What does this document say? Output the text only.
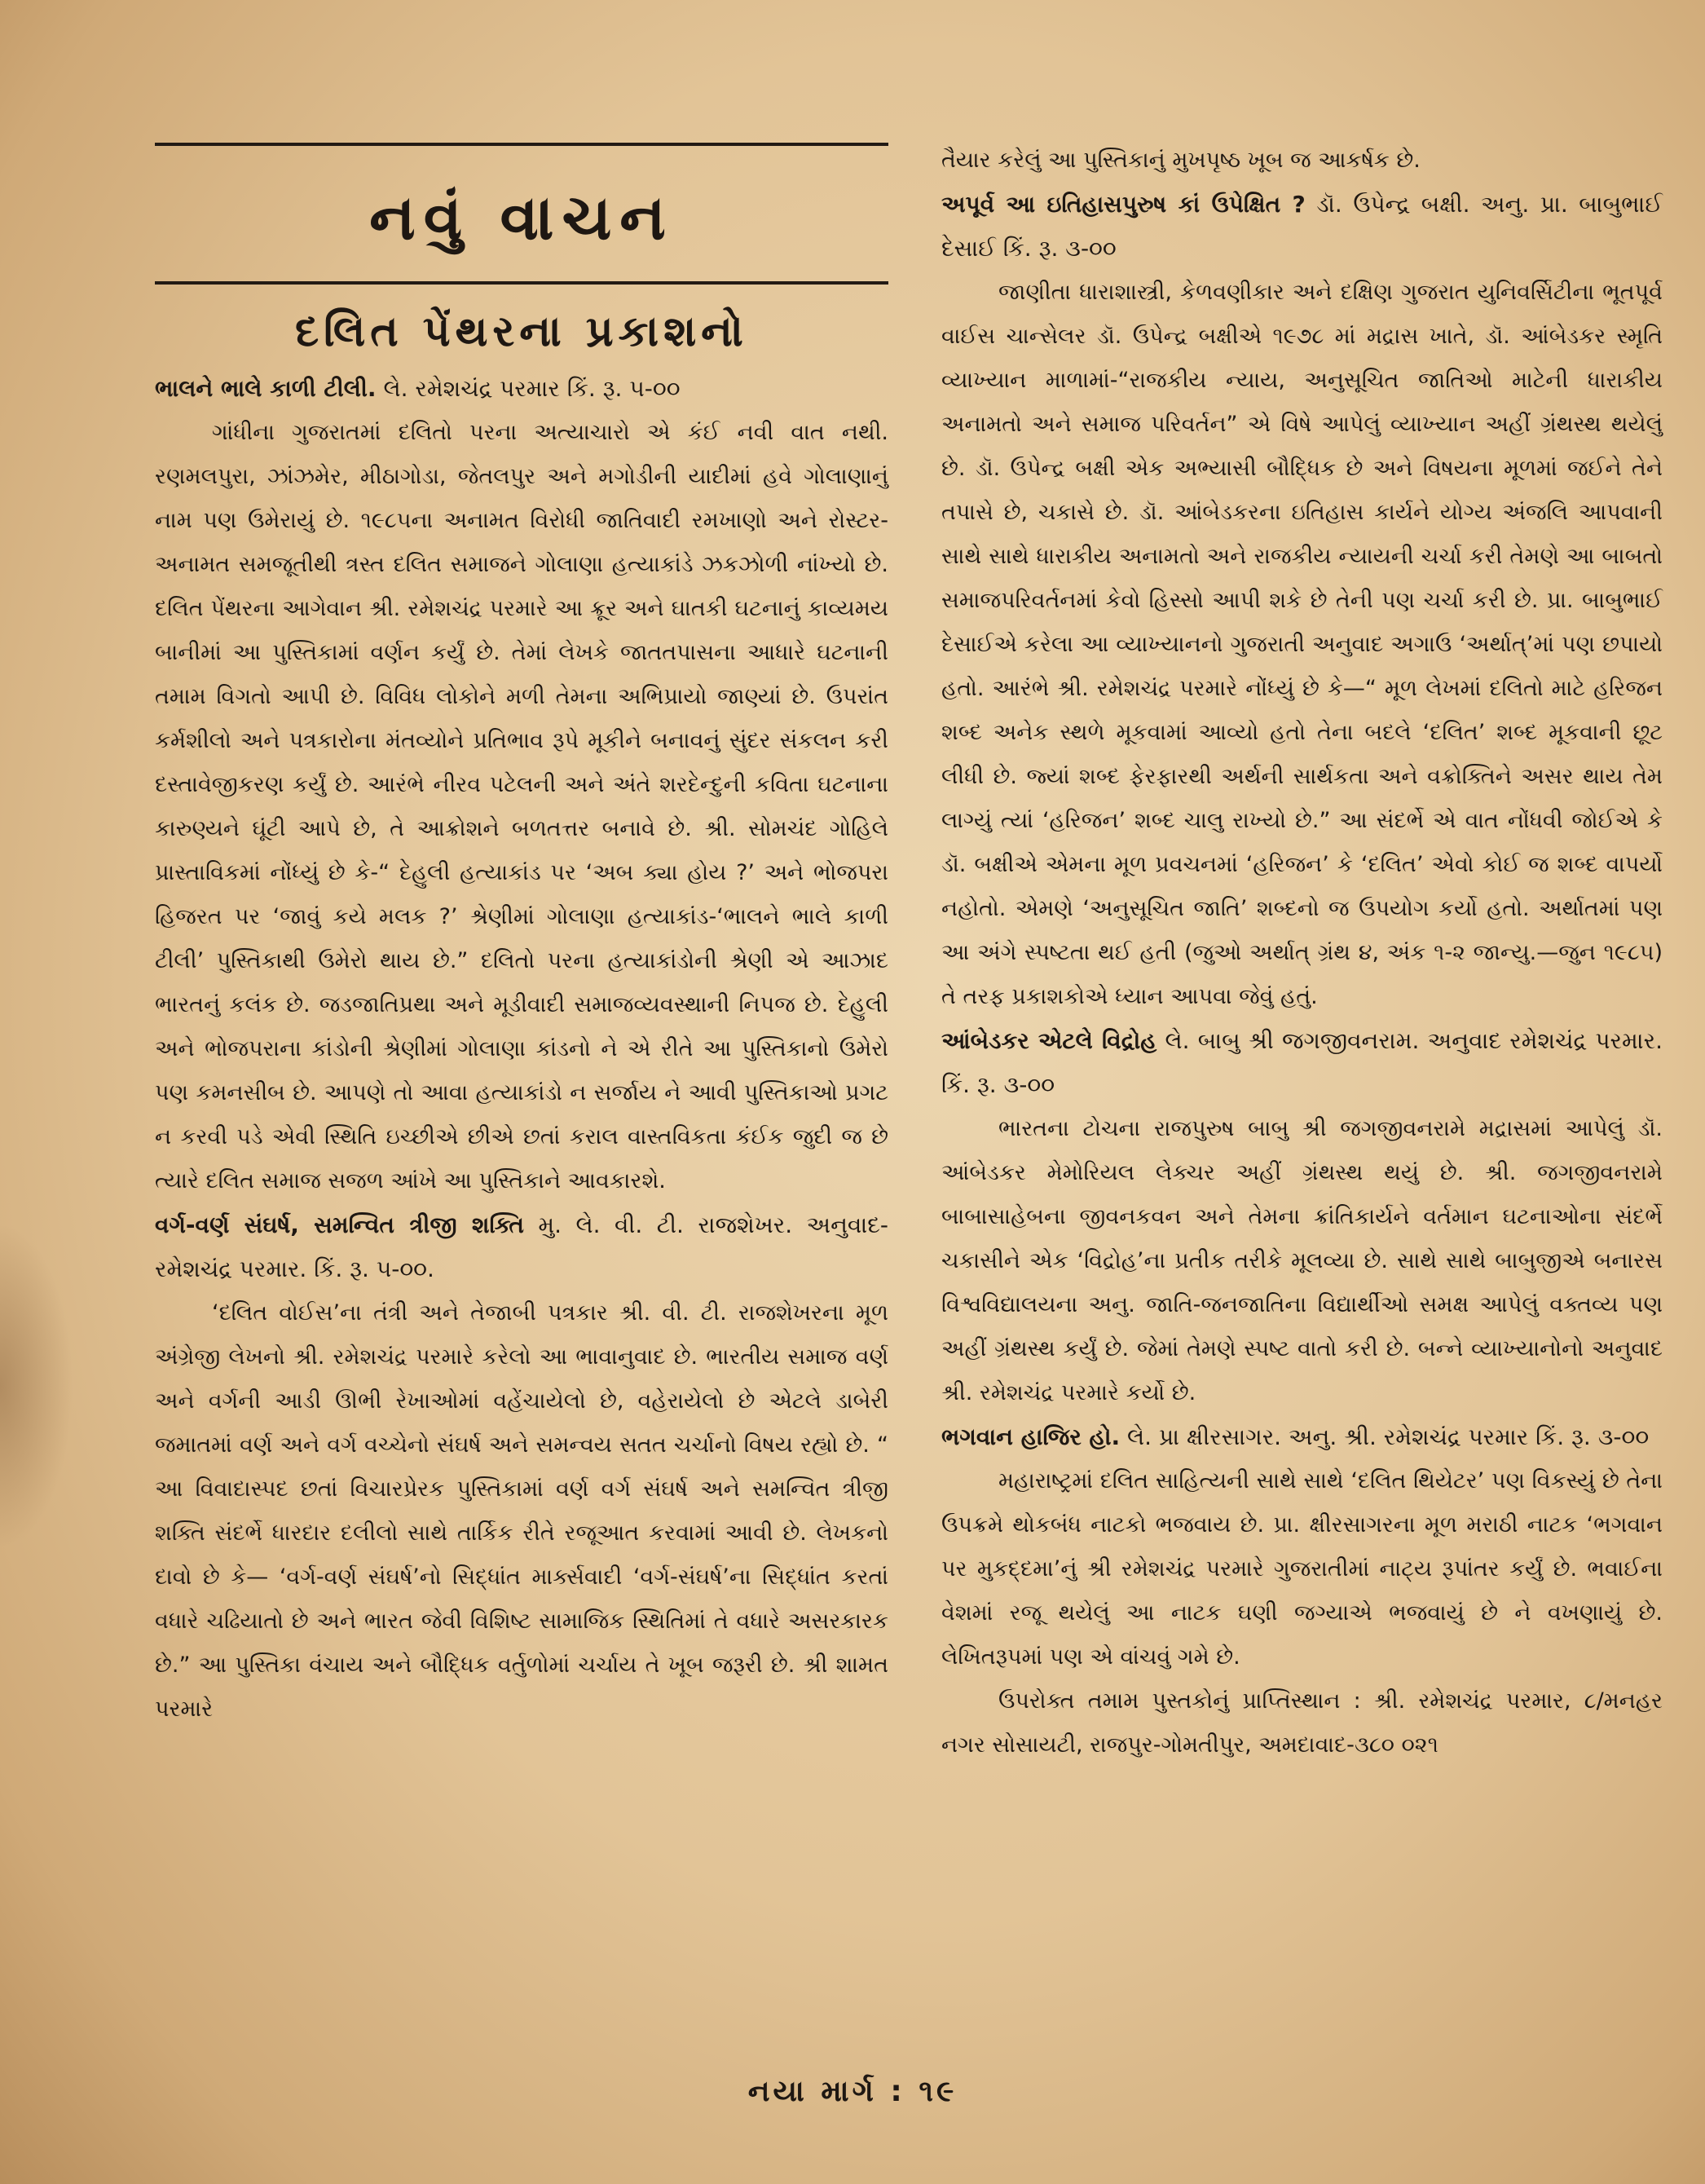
નવું વાચન
દલિત પેંથરના પ્રકાશનો

ભાલને ભાલે કાળી ટીલી. લે. રમેશચંદ્ર પરમાર કિં. રૂ. ૫-૦૦

ગાંધીના ગુજરાતમાં દલિતો પરના અત્યાચારો એ કંઈ નવી વાત નથી. રણમલપુરા, ઝાંઝમેર, મીઠાગોડા, જેતલપુર અને મગોડીની યાદીમાં હવે ગોલાણાનું નામ પણ ઉમેરાયું છે. ૧૯૮૫ના અનામત વિરોધી જાતિવાદી રમખાણો અને રોસ્ટર-અનામત સમજૂતીથી ત્રસ્ત દલિત સમાજને ગોલાણા હત્યાકાંડે ઝકઝોળી નાંખ્યો છે. દલિત પેંથરના આગેવાન શ્રી. રમેશચંદ્ર પરમારે આ ક્રૂર અને ઘાતકી ઘટનાનું કાવ્યમય બાનીમાં આ પુસ્તિકામાં વર્ણન કર્યું છે. તેમાં લેખકે જાતતપાસના આધારે ઘટનાની તમામ વિગતો આપી છે. વિવિધ લોકોને મળી તેમના અભિપ્રાયો જાણ્યાં છે. ઉપરાંત કર્મશીલો અને પત્રકારોના મંતવ્યોને પ્રતિભાવ રૂપે મૂકીને બનાવનું સુંદર સંકલન કરી દસ્તાવેજીકરણ કર્યું છે. આરંભે નીરવ પટેલની અને અંતે શરદેન્દુની કવિતા ઘટનાના કારુણ્યને ઘૂંટી આપે છે, તે આક્રોશને બળતત્તર બનાવે છે. શ્રી. સોમચંદ ગોહિલે પ્રાસ્તાવિકમાં નોંધ્યું છે કે-“ દેહુલી હત્યાકાંડ પર ‘અબ ક્યા હોય ?’ અને ભોજપરા હિજરત પર ‘જાવું કયે મલક ?’ શ્રેણીમાં ગોલાણા હત્યાકાંડ-‘ભાલને ભાલે કાળી ટીલી’ પુસ્તિકાથી ઉમેરો થાય છે.” દલિતો પરના હત્યાકાંડોની શ્રેણી એ આઝાદ ભારતનું કલંક છે. જડજાતિપ્રથા અને મૂડીવાદી સમાજવ્યવસ્થાની નિપજ છે. દેહુલી અને ભોજપરાના કાંડોની શ્રેણીમાં ગોલાણા કાંડનો ને એ રીતે આ પુસ્તિકાનો ઉમેરો પણ કમનસીબ છે. આપણે તો આવા હત્યાકાંડો ન સર્જાય ને આવી પુસ્તિકાઓ પ્રગટ ન કરવી પડે એવી સ્થિતિ ઇચ્છીએ છીએ છતાં કરાલ વાસ્તવિકતા કંઈક જુદી જ છે ત્યારે દલિત સમાજ સજળ આંખે આ પુસ્તિકાને આવકારશે.

વર્ગ-વર્ણ સંઘર્ષ, સમન્વિત ત્રીજી શક્તિ મુ. લે. વી. ટી. રાજશેખર. અનુવાદ-રમેશચંદ્ર પરમાર. કિં. રૂ. ૫-૦૦.

‘દલિત વોઈસ’ના તંત્રી અને તેજાબી પત્રકાર શ્રી. વી. ટી. રાજશેખરના મૂળ અંગ્રેજી લેખનો શ્રી. રમેશચંદ્ર પરમારે કરેલો આ ભાવાનુવાદ છે. ભારતીય સમાજ વર્ણ અને વર્ગની આડી ઊભી રેખાઓમાં વહેંચાયેલો છે, વહેરાયેલો છે એટલે ડાબેરી જમાતમાં વર્ણ અને વર્ગ વચ્ચેનો સંઘર્ષ અને સમન્વય સતત ચર્ચાનો વિષય રહ્યો છે. “ આ વિવાદાસ્પદ છતાં વિચારપ્રેરક પુસ્તિકામાં વર્ણ વર્ગ સંઘર્ષ અને સમન્વિત ત્રીજી શક્તિ સંદર્ભે ધારદાર દલીલો સાથે તાર્કિક રીતે રજૂઆત કરવામાં આવી છે. લેખકનો દાવો છે કે— ‘વર્ગ-વર્ણ સંઘર્ષ’નો સિદ્ધાંત માર્ક્સવાદી ‘વર્ગ-સંઘર્ષ’ના સિદ્ધાંત કરતાં વધારે ચઢિયાતો છે અને ભારત જેવી વિશિષ્ટ સામાજિક સ્થિતિમાં તે વધારે અસરકારક છે.” આ પુસ્તિકા વંચાય અને બૌદ્ધિક વર્તુળોમાં ચર્ચાય તે ખૂબ જરૂરી છે. શ્રી શામત પરમારે

તૈયાર કરેલું આ પુસ્તિકાનું મુખપૃષ્ઠ ખૂબ જ આકર્ષક છે.

અપૂર્વ આ ઇતિહાસપુરુષ કાં ઉપેક્ષિત ? ડૉ. ઉપેન્દ્ર બક્ષી. અનુ. પ્રા. બાબુભાઈ દેસાઈ કિં. રૂ. ૩-૦૦

જાણીતા ધારાશાસ્ત્રી, કેળવણીકાર અને દક્ષિણ ગુજરાત યુનિવર્સિટીના ભૂતપૂર્વ વાઈસ ચાન્સેલર ડૉ. ઉપેન્દ્ર બક્ષીએ ૧૯૭૮ માં મદ્રાસ ખાતે, ડૉ. આંબેડકર સ્મૃતિ વ્યાખ્યાન માળામાં-“રાજકીય ન્યાય, અનુસૂચિત જાતિઓ માટેની ધારાકીય અનામતો અને સમાજ પરિવર્તન” એ વિષે આપેલું વ્યાખ્યાન અહીં ગ્રંથસ્થ થયેલું છે. ડૉ. ઉપેન્દ્ર બક્ષી એક અભ્યાસી બૌદ્ધિક છે અને વિષયના મૂળમાં જઈને તેને તપાસે છે, ચકાસે છે. ડૉ. આંબેડકરના ઇતિહાસ કાર્યને યોગ્ય અંજલિ આપવાની સાથે સાથે ધારાકીય અનામતો અને રાજકીય ન્યાયની ચર્ચા કરી તેમણે આ બાબતો સમાજપરિવર્તનમાં કેવો હિસ્સો આપી શકે છે તેની પણ ચર્ચા કરી છે. પ્રા. બાબુભાઈ દેસાઈએ કરેલા આ વ્યાખ્યાનનો ગુજરાતી અનુવાદ અગાઉ ‘અર્થાત્’માં પણ છપાયો હતો. આરંભે શ્રી. રમેશચંદ્ર પરમારે નોંધ્યું છે કે—“ મૂળ લેખમાં દલિતો માટે હરિજન શબ્દ અનેક સ્થળે મૂકવામાં આવ્યો હતો તેના બદલે ‘દલિત’ શબ્દ મૂકવાની છૂટ લીધી છે. જ્યાં શબ્દ ફેરફારથી અર્થની સાર્થકતા અને વક્રોક્તિને અસર થાય તેમ લાગ્યું ત્યાં ‘હરિજન’ શબ્દ ચાલુ રાખ્યો છે.” આ સંદર્ભે એ વાત નોંધવી જોઈએ કે ડૉ. બક્ષીએ એમના મૂળ પ્રવચનમાં ‘હરિજન’ કે ‘દલિત’ એવો કોઈ જ શબ્દ વાપર્યો નહોતો. એમણે ‘અનુસૂચિત જાતિ’ શબ્દનો જ ઉપયોગ કર્યો હતો. અર્થાતમાં પણ આ અંગે સ્પષ્ટતા થઈ હતી (જુઓ અર્થાત્ ગ્રંથ ૪, અંક ૧-૨ જાન્યુ.—જુન ૧૯૮૫) તે તરફ પ્રકાશકોએ ધ્યાન આપવા જેવું હતું.

આંબેડકર એટલે વિદ્રોહ લે. બાબુ શ્રી જગજીવનરામ. અનુવાદ રમેશચંદ્ર પરમાર. કિં. રૂ. ૩-૦૦

ભારતના ટોચના રાજપુરુષ બાબુ શ્રી જગજીવનરામે મદ્રાસમાં આપેલું ડૉ. આંબેડકર મેમોરિયલ લેક્ચર અહીં ગ્રંથસ્થ થયું છે. શ્રી. જગજીવનરામે બાબાસાહેબના જીવનકવન અને તેમના ક્રાંતિકાર્યને વર્તમાન ઘટનાઓના સંદર્ભે ચકાસીને એક ‘વિદ્રોહ’ના પ્રતીક તરીકે મૂલવ્યા છે. સાથે સાથે બાબુજીએ બનારસ વિશ્વવિદ્યાલયના અનુ. જાતિ-જનજાતિના વિદ્યાર્થીઓ સમક્ષ આપેલું વક્તવ્ય પણ અહીં ગ્રંથસ્થ કર્યું છે. જેમાં તેમણે સ્પષ્ટ વાતો કરી છે. બન્ને વ્યાખ્યાનોનો અનુવાદ શ્રી. રમેશચંદ્ર પરમારે કર્યો છે.

ભગવાન હાજિર હો. લે. પ્રા ક્ષીરસાગર. અનુ. શ્રી. રમેશચંદ્ર પરમાર કિં. રૂ. ૩-૦૦

મહારાષ્ટ્રમાં દલિત સાહિત્યની સાથે સાથે ‘દલિત થિયેટર’ પણ વિકસ્યું છે તેના ઉપક્રમે થોકબંધ નાટકો ભજવાય છે. પ્રા. ક્ષીરસાગરના મૂળ મરાઠી નાટક ‘ભગવાન પર મુકદ્દમા’નું શ્રી રમેશચંદ્ર પરમારે ગુજરાતીમાં નાટ્ય રૂપાંતર કર્યું છે. ભવાઈના વેશમાં રજૂ થયેલું આ નાટક ઘણી જગ્યાએ ભજવાયું છે ને વખણાયું છે. લેખિતરૂપમાં પણ એ વાંચવું ગમે છે.

ઉપરોક્ત તમામ પુસ્તકોનું પ્રાપ્તિસ્થાન : શ્રી. રમેશચંદ્ર પરમાર, ૮/મનહર નગર સોસાયટી, રાજપુર-ગોમતીપુર, અમદાવાદ-૩૮૦ ૦૨૧

નયા માર્ગ : ૧૯
